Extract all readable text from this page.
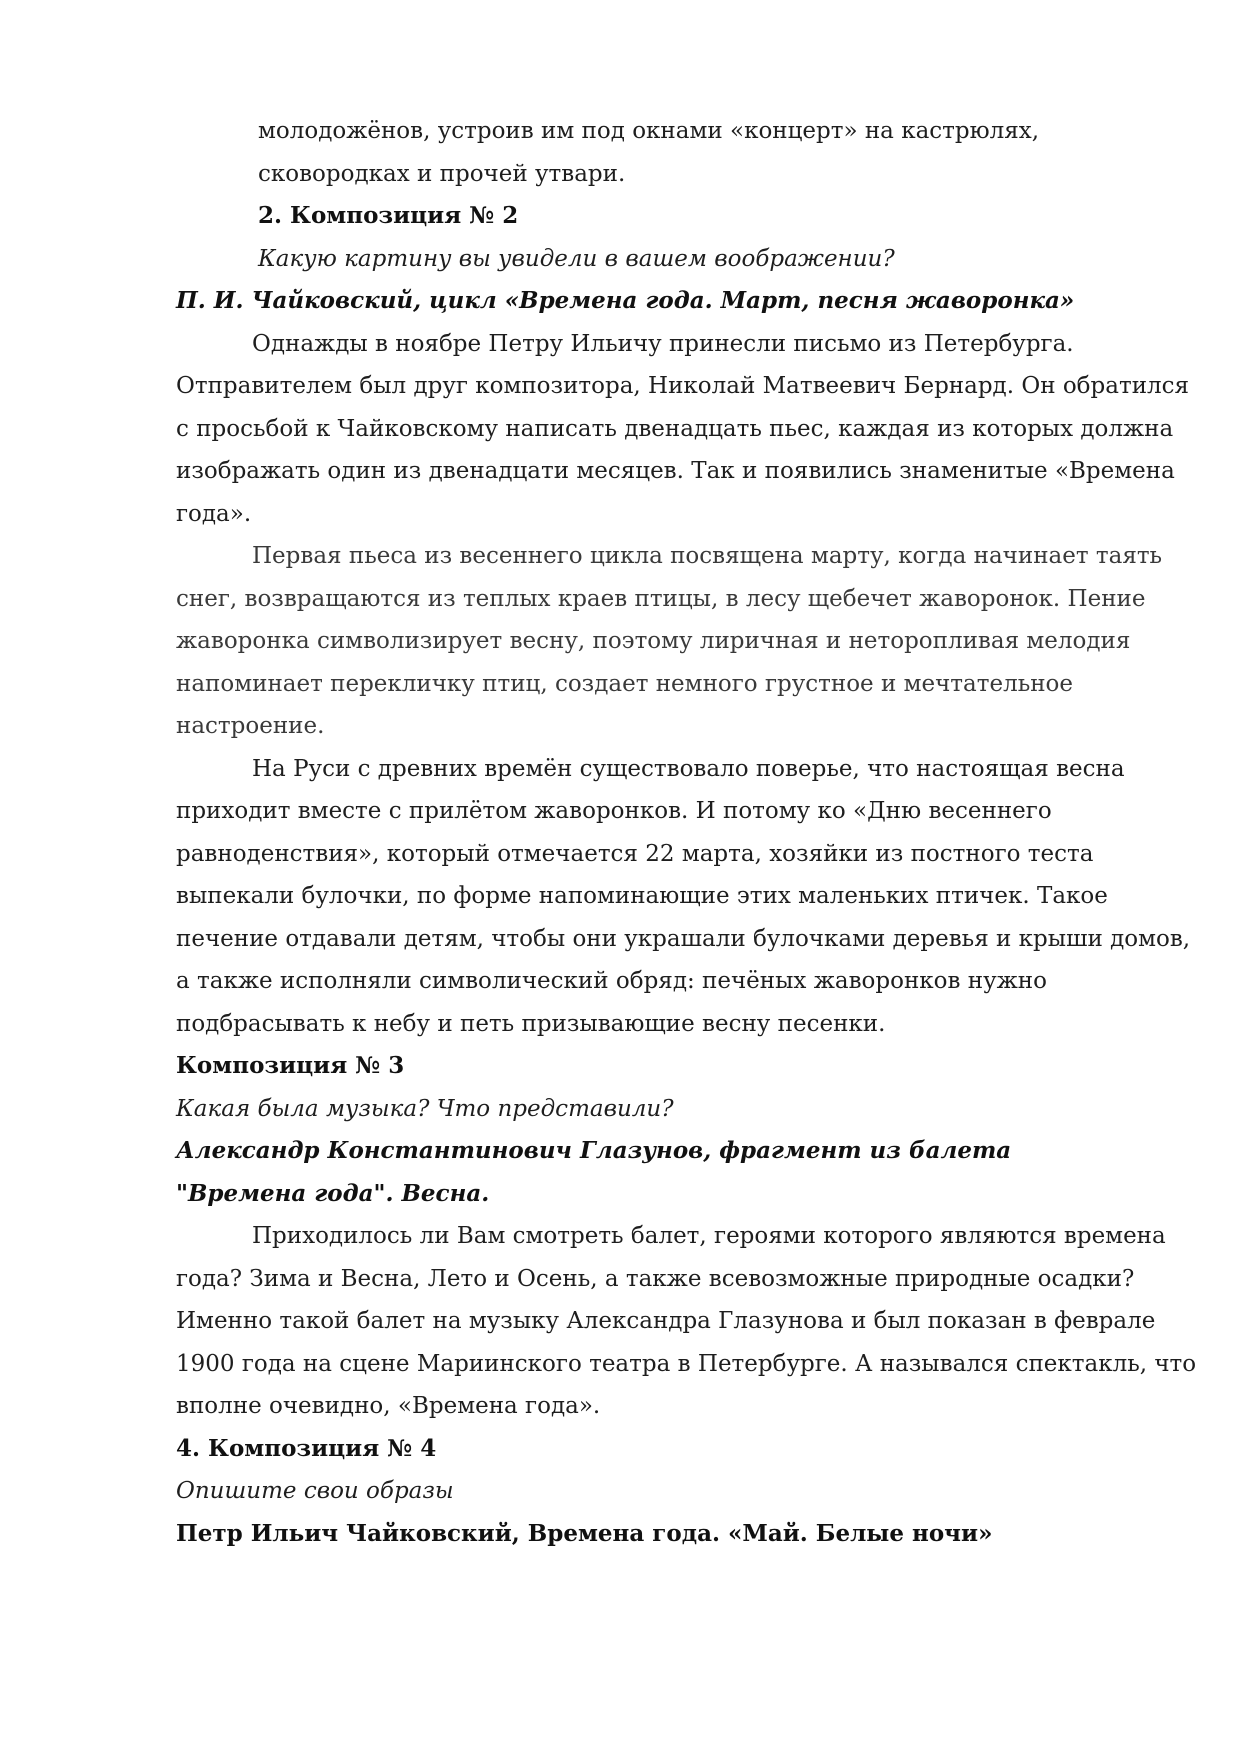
молодожёнов, устроив им под окнами «концерт» на кастрюлях,
сковородках и прочей утвари.
2. Композиция № 2
Какую картину вы увидели в вашем воображении?
П. И. Чайковский, цикл «Времена года. Март, песня жаворонка»

Однажды в ноябре Петру Ильичу принесли письмо из Петербурга.
Отправителем был друг композитора, Николай Матвеевич Бернард. Он обратился
с просьбой к Чайковскому написать двенадцать пьес, каждая из которых должна
изображать один из двенадцати месяцев. Так и появились знаменитые «Времена
года».

Первая пьеса из весеннего цикла посвящена марту, когда начинает таять
снег, возвращаются из теплых краев птицы, в лесу щебечет жаворонок. Пение
жаворонка символизирует весну, поэтому лиричная и неторопливая мелодия
напоминает перекличку птиц, создает немного грустное и мечтательное
настроение.

На Руси с древних времён существовало поверье, что настоящая весна
приходит вместе с прилётом жаворонков. И потому ко «Дню весеннего
равноденствия», который отмечается 22 марта, хозяйки из постного теста
выпекали булочки, по форме напоминающие этих маленьких птичек. Такое
печение отдавали детям, чтобы они украшали булочками деревья и крыши домов,
а также исполняли символический обряд: печёных жаворонков нужно
подбрасывать к небу и петь призывающие весну песенки.

Композиция № 3
Какая была музыка? Что представили?
Александр Константинович Глазунов, фрагмент из балета
"Времена года". Весна.

Приходилось ли Вам смотреть балет, героями которого являются времена
года? Зима и Весна, Лето и Осень, а также всевозможные природные осадки?
Именно такой балет на музыку Александра Глазунова и был показан в феврале
1900 года на сцене Мариинского театра в Петербурге. А назывался спектакль, что
вполне очевидно, «Времена года».

4. Композиция № 4
Опишите свои образы
Петр Ильич Чайковский, Времена года. «Май. Белые ночи»
